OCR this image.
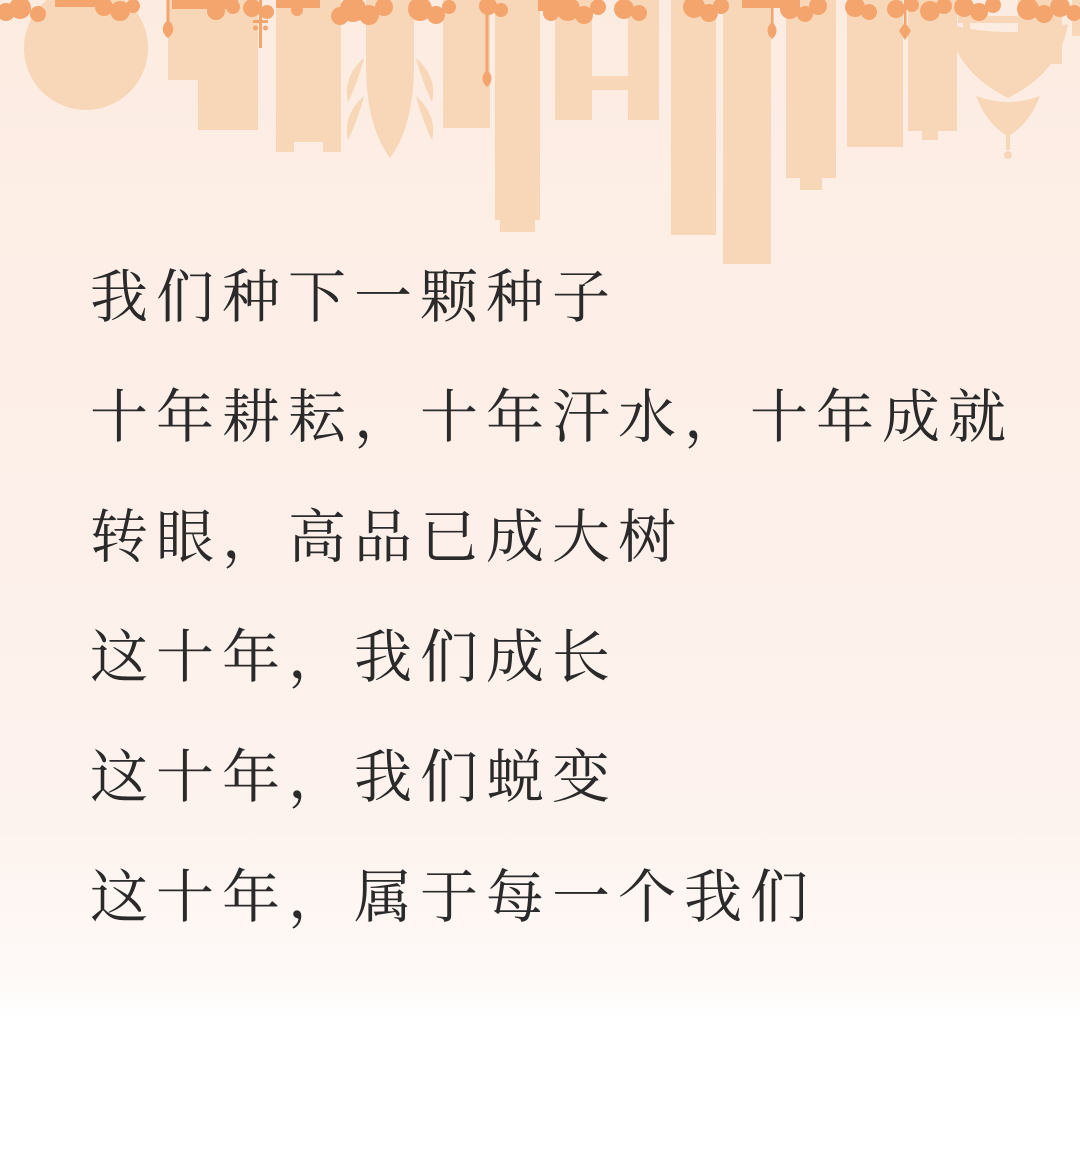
我们种下一颗种子

十年耕耘，十年汗水，十年成就

转眼，高品已成大树

这十年，我们成长

这十年，我们蜕变

这十年，属于每一个我们
